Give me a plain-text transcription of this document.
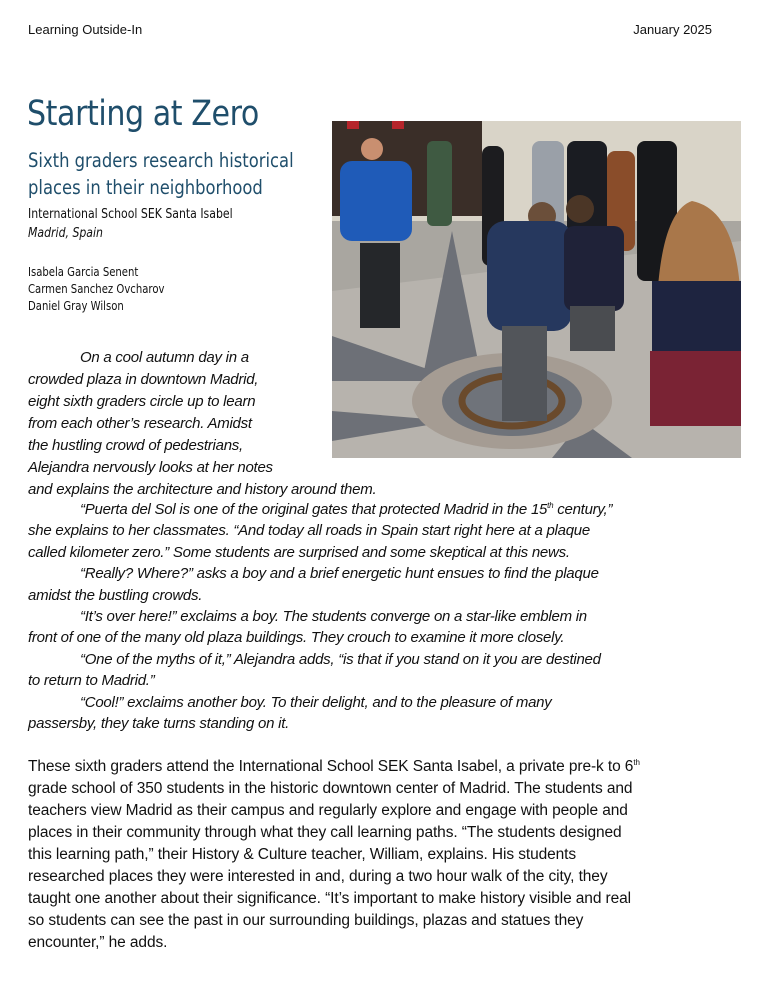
Learning Outside-In	January 2025
Starting at Zero
Sixth graders research historical
places in their neighborhood
International School SEK Santa Isabel
Madrid, Spain
Isabela Garcia Senent
Carmen Sanchez Ovcharov
Daniel Gray Wilson
On a cool autumn day in a
crowded plaza in downtown Madrid,
eight sixth graders circle up to learn
from each other’s research. Amidst
the hustling crowd of pedestrians,
Alejandra nervously looks at her notes
and explains the architecture and history around them.
“Puerta del Sol is one of the original gates that protected Madrid in the 15th century,”
she explains to her classmates. “And today all roads in Spain start right here at a plaque
called kilometer zero.” Some students are surprised and some skeptical at this news.
“Really? Where?” asks a boy and a brief energetic hunt ensues to find the plaque
amidst the bustling crowds.
“It’s over here!” exclaims a boy. The students converge on a star-like emblem in
front of one of the many old plaza buildings. They crouch to examine it more closely.
“One of the myths of it,” Alejandra adds, “is that if you stand on it you are destined
to return to Madrid.”
“Cool!” exclaims another boy. To their delight, and to the pleasure of many
passersby, they take turns standing on it.
These sixth graders attend the International School SEK Santa Isabel, a private pre-k to 6th
grade school of 350 students in the historic downtown center of Madrid. The students and
teachers view Madrid as their campus and regularly explore and engage with people and
places in their community through what they call learning paths. “The students designed
this learning path,” their History & Culture teacher, William, explains. His students
researched places they were interested in and, during a two hour walk of the city, they
taught one another about their significance. “It’s important to make history visible and real
so students can see the past in our surrounding buildings, plazas and statues they
encounter,” he adds.
